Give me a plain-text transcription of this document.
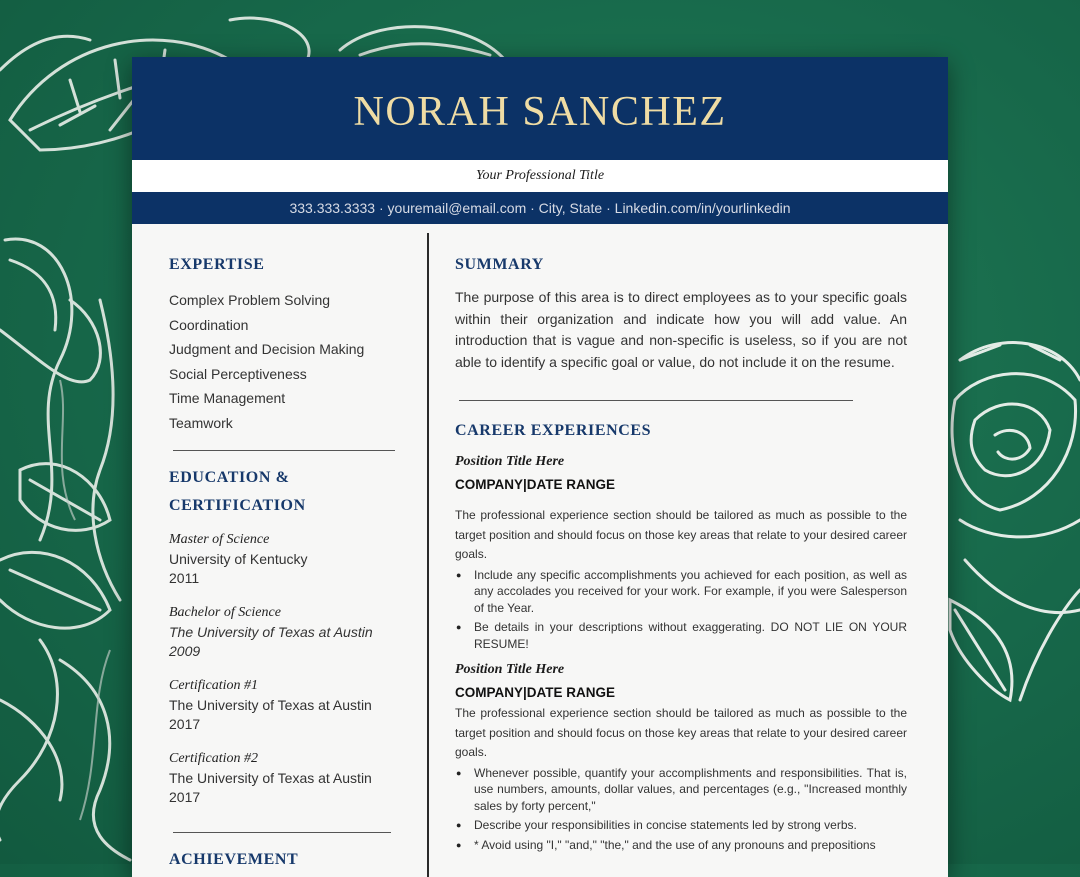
NORAH SANCHEZ
Your Professional Title
333.333.3333 · youremail@email.com · City, State · Linkedin.com/in/yourlinkedin
EXPERTISE
Complex Problem Solving
Coordination
Judgment and Decision Making
Social Perceptiveness
Time Management
Teamwork
EDUCATION &
CERTIFICATION
Master of Science
University of Kentucky
2011
Bachelor of Science
The University of Texas at Austin
2009
Certification #1
The University of Texas at Austin
2017
Certification #2
The University of Texas at Austin
2017
ACHIEVEMENT
SUMMARY
The purpose of this area is to direct employees as to your specific goals within their organization and indicate how you will add value. An introduction that is vague and non-specific is useless, so if you are not able to identify a specific goal or value, do not include it on the resume.
CAREER EXPERIENCES
Position Title Here
COMPANY|DATE RANGE
The professional experience section should be tailored as much as possible to the target position and should focus on those key areas that relate to your desired career goals.
● Include any specific accomplishments you achieved for each position, as well as any accolades you received for your work. For example, if you were Salesperson of the Year.
● Be details in your descriptions without exaggerating. DO NOT LIE ON YOUR RESUME!
Position Title Here
COMPANY|DATE RANGE
The professional experience section should be tailored as much as possible to the target position and should focus on those key areas that relate to your desired career goals.
● Whenever possible, quantify your accomplishments and responsibilities. That is, use numbers, amounts, dollar values, and percentages (e.g., "Increased monthly sales by forty percent,"
● Describe your responsibilities in concise statements led by strong verbs.
● * Avoid using "I," "and," "the," and the use of any pronouns and prepositions
